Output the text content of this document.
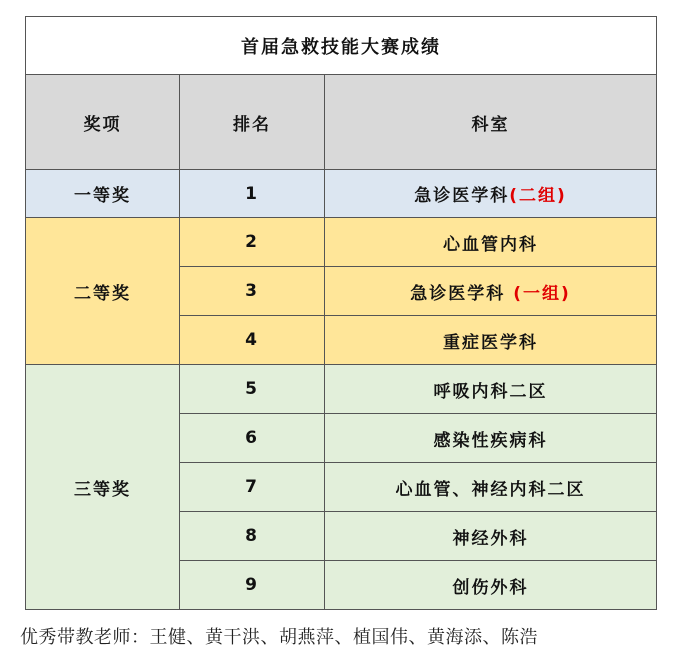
首届急救技能大赛成绩		
奖项	排名	科室
一等奖	1	急诊医学科(二组)
二等奖	2	心血管内科
	3	急诊医学科 (一组)
	4	重症医学科
三等奖	5	呼吸内科二区
	6	感染性疾病科
	7	心血管、神经内科二区
	8	神经外科
	9	创伤外科
优秀带教老师：王健、黄干洪、胡燕萍、植国伟、黄海添、陈浩
